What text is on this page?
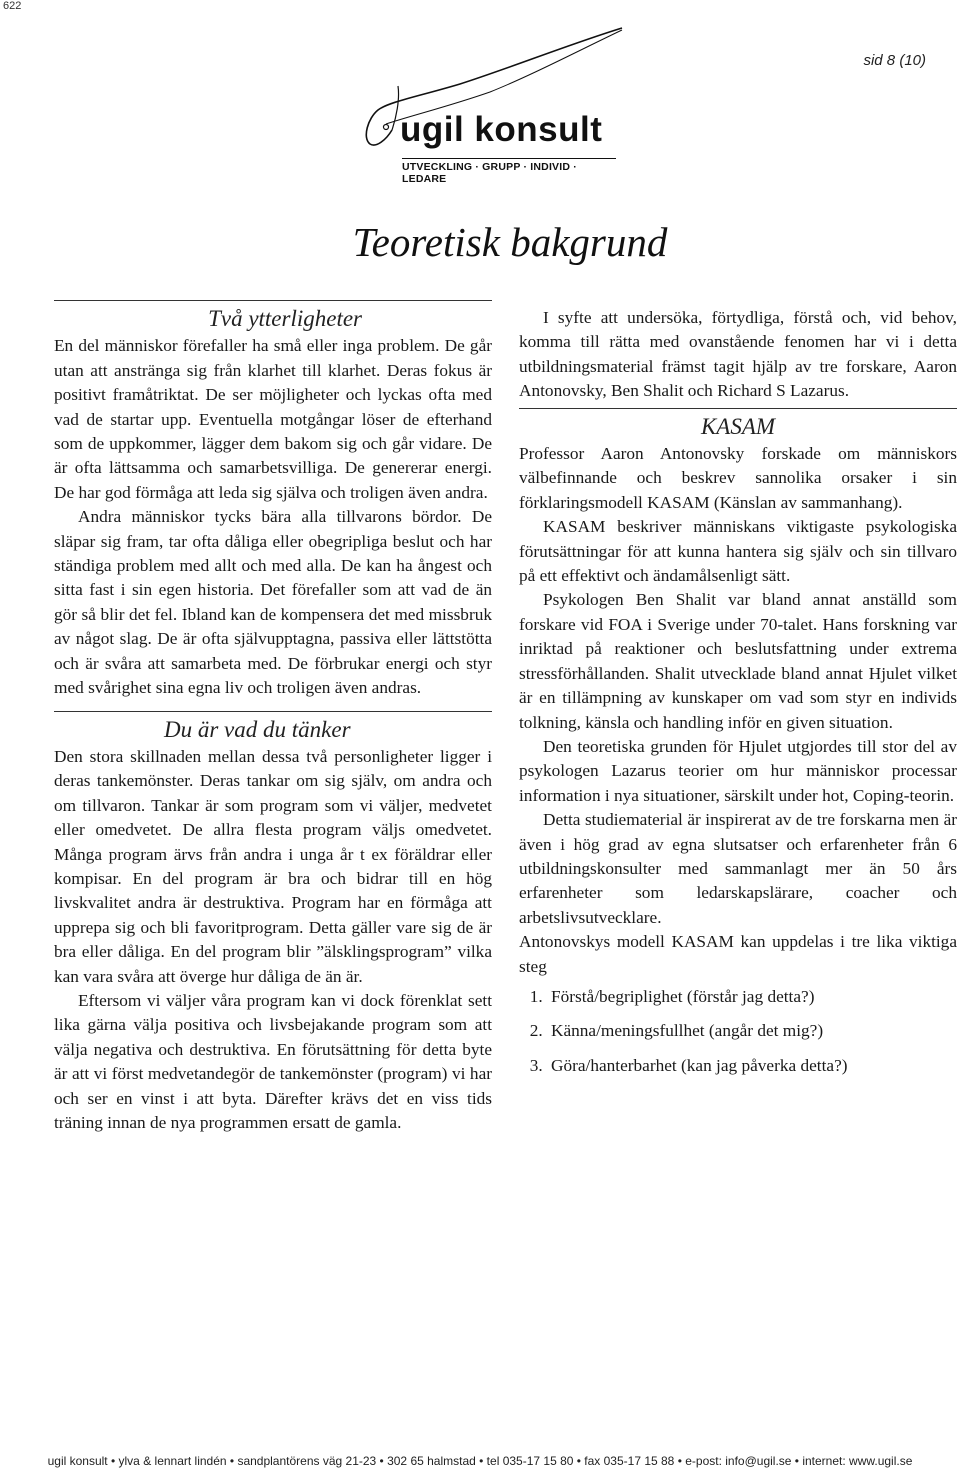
622
sid 8 (10)
ugil konsult
UTVECKLING · GRUPP · INDIVID · LEDARE
Teoretisk bakgrund
Två ytterligheter

En del människor förefaller ha små eller inga problem. De går utan att anstränga sig från klarhet till klarhet. Deras fokus är positivt framåtriktat. De ser möjligheter och lyckas ofta med vad de startar upp. Eventuella motgångar löser de efterhand som de uppkommer, lägger dem bakom sig och går vidare. De är ofta lättsamma och samarbetsvilliga. De genererar energi. De har god förmåga att leda sig själva och troligen även andra.

Andra människor tycks bära alla tillvarons bördor. De släpar sig fram, tar ofta dåliga eller obegripliga beslut och har ständiga problem med allt och med alla. De kan ha ångest och sitta fast i sin egen historia. Det förefaller som att vad de än gör så blir det fel. Ibland kan de kompensera det med missbruk av något slag. De är ofta självupptagna, passiva eller lättstötta och är svåra att samarbeta med. De förbrukar energi och styr med svårighet sina egna liv och troligen även andras.

Du är vad du tänker

Den stora skillnaden mellan dessa två personligheter ligger i deras tankemönster. Deras tankar om sig själv, om andra och om tillvaron. Tankar är som program som vi väljer, medvetet eller omedvetet. De allra flesta program väljs omedvetet. Många program ärvs från andra i unga år t ex föräldrar eller kompisar. En del program är bra och bidrar till en hög livskvalitet andra är destruktiva. Program har en förmåga att upprepa sig och bli favoritprogram. Detta gäller vare sig de är bra eller dåliga. En del program blir ”älsklingsprogram” vilka kan vara svåra att överge hur dåliga de än är.

Eftersom vi väljer våra program kan vi dock förenklat sett lika gärna välja positiva och livsbejakande program som att välja negativa och destruktiva. En förutsättning för detta byte är att vi först medvetandegör de tankemönster (program) vi har och ser en vinst i att byta. Därefter krävs det en viss tids träning innan de nya programmen ersatt de gamla.

I syfte att undersöka, förtydliga, förstå och, vid behov, komma till rätta med ovanstående fenomen har vi i detta utbildningsmaterial främst tagit hjälp av tre forskare, Aaron Antonovsky, Ben Shalit och Richard S Lazarus.

KASAM

Professor Aaron Antonovsky forskade om människors välbefinnande och beskrev sannolika orsaker i sin förklaringsmodell KASAM (Känslan av sammanhang).

KASAM beskriver människans viktigaste psykologiska förutsättningar för att kunna hantera sig själv och sin tillvaro på ett effektivt och ändamålsenligt sätt.

Psykologen Ben Shalit var bland annat anställd som forskare vid FOA i Sverige under 70-talet. Hans forskning var inriktad på reaktioner och beslutsfattning under extrema stressförhållanden. Shalit utvecklade bland annat Hjulet vilket är en tillämpning av kunskaper om vad som styr en individs tolkning, känsla och handling inför en given situation.

Den teoretiska grunden för Hjulet utgjordes till stor del av psykologen Lazarus teorier om hur människor processar information i nya situationer, särskilt under hot, Coping-teorin.

Detta studiematerial är inspirerat av de tre forskarna men är även i hög grad av egna slutsatser och erfarenheter från 6 utbildningskonsulter med sammanlagt mer än 50 års erfarenheter som ledarskapslärare, coacher och arbetslivsutvecklare.

Antonovskys modell KASAM kan uppdelas i tre lika viktiga steg

1. Förstå/begriplighet (förstår jag detta?)
2. Känna/meningsfullhet (angår det mig?)
3. Göra/hanterbarhet (kan jag påverka detta?)
ugil konsult • ylva & lennart lindén • sandplantörens väg 21-23 • 302 65 halmstad • tel 035-17 15 80 • fax 035-17 15 88 • e-post: info@ugil.se • internet: www.ugil.se
